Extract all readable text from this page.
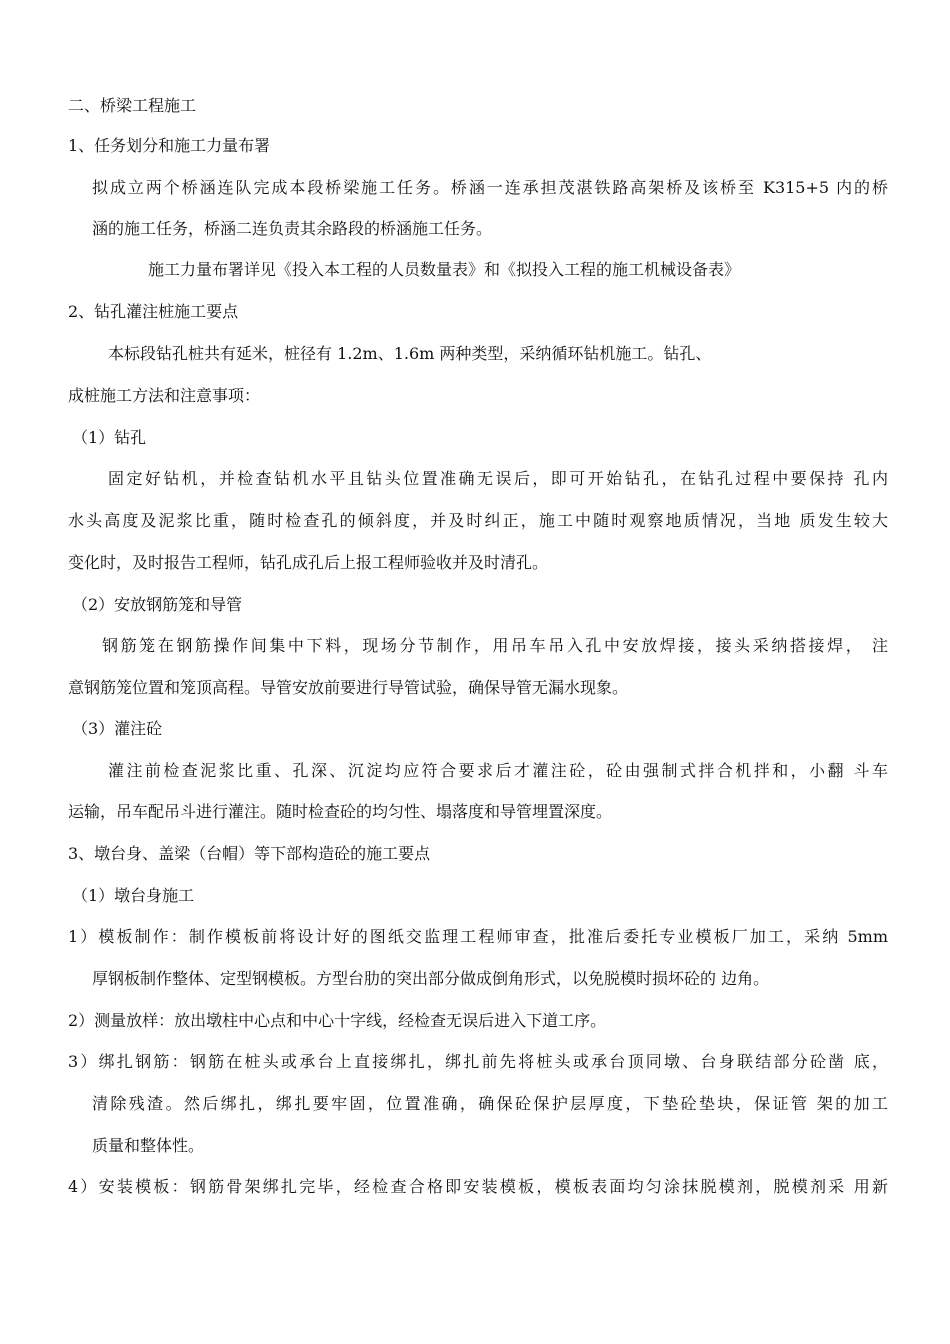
二、桥梁工程施工
1、任务划分和施工力量布署
拟成立两个桥涵连队完成本段桥梁施工任务。桥涵一连承担茂湛铁路高架桥及该桥至 K315+5 内的桥
涵的施工任务，桥涵二连负责其余路段的桥涵施工任务。
施工力量布署详见《投入本工程的人员数量表》和《拟投入工程的施工机械设备表》
2、钻孔灌注桩施工要点
本标段钻孔桩共有延米，桩径有 1.2m、1.6m 两种类型，采纳循环钻机施工。钻孔、
成桩施工方法和注意事项：
（1）钻孔
固定好钻机，并检查钻机水平且钻头位置准确无误后，即可开始钻孔，在钻孔过程中要保持 孔内
水头高度及泥浆比重，随时检查孔的倾斜度，并及时纠正，施工中随时观察地质情况，当地 质发生较大
变化时，及时报告工程师，钻孔成孔后上报工程师验收并及时清孔。
（2）安放钢筋笼和导管
钢筋笼在钢筋操作间集中下料，现场分节制作，用吊车吊入孔中安放焊接，接头采纳搭接焊， 注
意钢筋笼位置和笼顶高程。导管安放前要进行导管试验，确保导管无漏水现象。
（3）灌注砼
灌注前检查泥浆比重、孔深、沉淀均应符合要求后才灌注砼，砼由强制式拌合机拌和，小翻 斗车
运输，吊车配吊斗进行灌注。随时检查砼的均匀性、塌落度和导管埋置深度。
3、墩台身、盖梁（台帽）等下部构造砼的施工要点
（1）墩台身施工
1）模板制作：制作模板前将设计好的图纸交监理工程师审查，批准后委托专业模板厂加工，采纳 5mm
厚钢板制作整体、定型钢模板。方型台肋的突出部分做成倒角形式，以免脱模时损坏砼的 边角。
2）测量放样：放出墩柱中心点和中心十字线，经检查无误后进入下道工序。
3）绑扎钢筋：钢筋在桩头或承台上直接绑扎，绑扎前先将桩头或承台顶同墩、台身联结部分砼凿 底，
清除残渣。然后绑扎，绑扎要牢固，位置准确，确保砼保护层厚度，下垫砼垫块，保证管 架的加工
质量和整体性。
4）安装模板：钢筋骨架绑扎完毕，经检查合格即安装模板，模板表面均匀涂抹脱模剂，脱模剂采 用新
